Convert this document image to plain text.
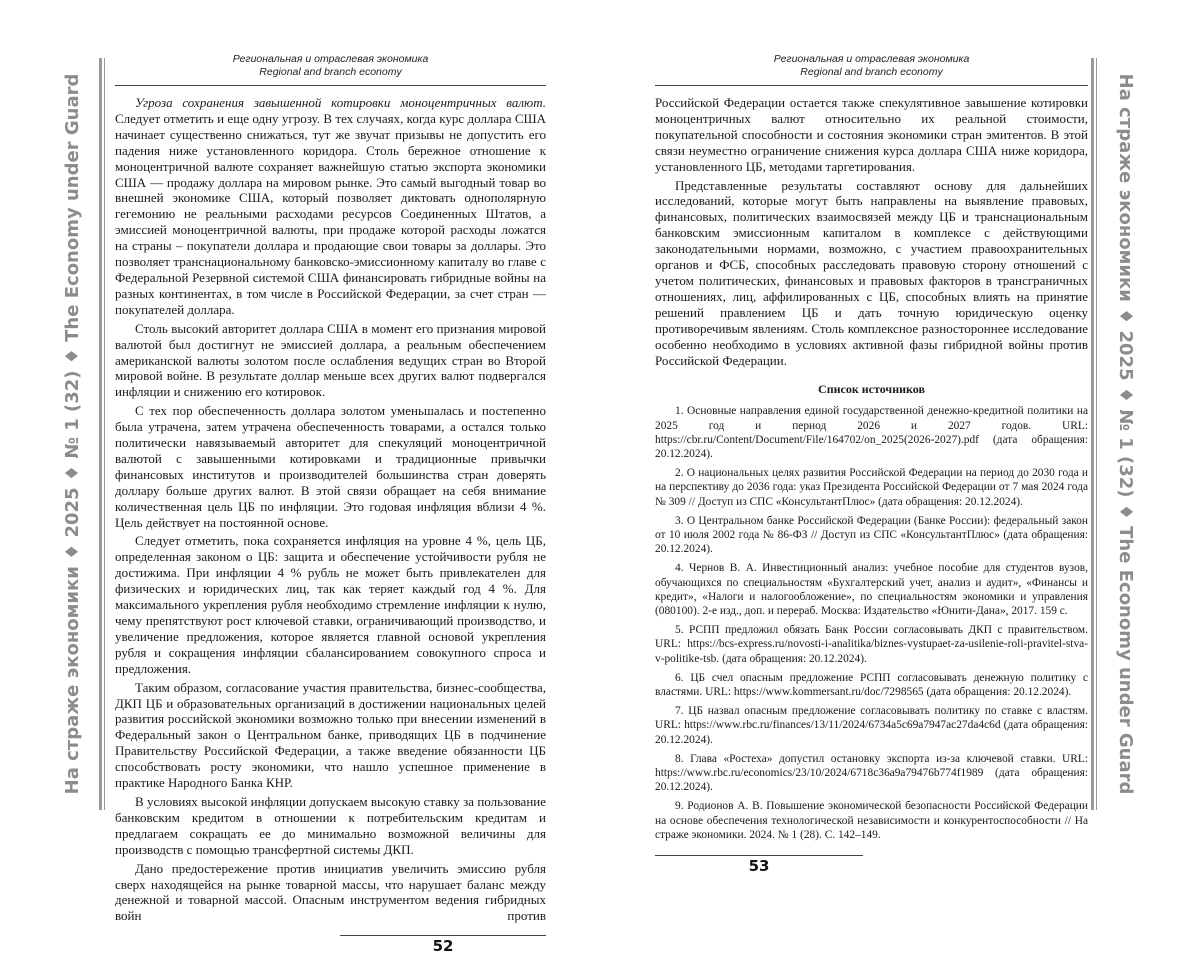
На страже экономики ♦ 2025 ♦ № 1 (32) ♦ The Economy under Guard	На страже экономики ♦ 2025 ♦ № 1 (32) ♦ The Economy under Guard
Региональная и отраслевая экономика
Regional and branch economy

Угроза сохранения завышенной котировки моноцентричных валют. Следует отметить и еще одну угрозу. В тех случаях, когда курс доллара США начинает существенно снижаться, тут же звучат призывы не допустить его падения ниже установленного коридора. Столь бережное отношение к моноцентричной валюте сохраняет важнейшую статью экспорта экономики США — продажу доллара на мировом рынке. Это самый выгодный товар во внешней экономике США, который позволяет диктовать однополярную гегемонию не реальными расходами ресурсов Соединенных Штатов, а эмиссией моноцентричной валюты, при продаже которой расходы ложатся на страны – покупатели доллара и продающие свои товары за доллары. Это позволяет транснациональному банковско-эмиссионному капиталу во главе с Федеральной Резервной системой США финансировать гибридные войны на разных континентах, в том числе в Российской Федерации, за счет стран — покупателей доллара.

Столь высокий авторитет доллара США в момент его признания мировой валютой был достигнут не эмиссией доллара, а реальным обеспечением американской валюты золотом после ослабления ведущих стран во Второй мировой войне. В результате доллар меньше всех других валют подвергался инфляции и снижению его котировок.

С тех пор обеспеченность доллара золотом уменьшалась и постепенно была утрачена, затем утрачена обеспеченность товарами, а остался только политически навязываемый авторитет для спекуляций моноцентричной валютой с завышенными котировками и традиционные привычки финансовых институтов и производителей большинства стран доверять доллару больше других валют. В этой связи обращает на себя внимание количественная цель ЦБ по инфляции. Это годовая инфляция вблизи 4 %. Цель действует на постоянной основе.

Следует отметить, пока сохраняется инфляция на уровне 4 %, цель ЦБ, определенная законом о ЦБ: защита и обеспечение устойчивости рубля не достижима. При инфляции 4 % рубль не может быть привлекателен для физических и юридических лиц, так как теряет каждый год 4 %. Для максимального укрепления рубля необходимо стремление инфляции к нулю, чему препятствуют рост ключевой ставки, ограничивающий производство, и увеличение предложения, которое является главной основой укрепления рубля и сокращения инфляции сбалансированием совокупного спроса и предложения.

Таким образом, согласование участия правительства, бизнес-сообщества, ДКП ЦБ и образовательных организаций в достижении национальных целей развития российской экономики возможно только при внесении изменений в Федеральный закон о Центральном банке, приводящих ЦБ в подчинение Правительству Российской Федерации, а также введение обязанности ЦБ способствовать росту экономики, что нашло успешное применение в практике Народного Банка КНР.

В условиях высокой инфляции допускаем высокую ставку за пользование банковским кредитом в отношении к потребительским кредитам и предлагаем сокращать ее до минимально возможной величины для производств с помощью трансфертной системы ДКП.

Дано предостережение против инициатив увеличить эмиссию рубля сверх находящейся на рынке товарной массы, что нарушает баланс между денежной и товарной массой. Опасным инструментом ведения гибридных войн против

52
Региональная и отраслевая экономика
Regional and branch economy

Российской Федерации остается также спекулятивное завышение котировки моноцентричных валют относительно их реальной стоимости, покупательной способности и состояния экономики стран эмитентов. В этой связи неуместно ограничение снижения курса доллара США ниже коридора, установленного ЦБ, методами таргетирования.

Представленные результаты составляют основу для дальнейших исследований, которые могут быть направлены на выявление правовых, финансовых, политических взаимосвязей между ЦБ и транснациональным банковским эмиссионным капиталом в комплексе с действующими законодательными нормами, возможно, с участием правоохранительных органов и ФСБ, способных расследовать правовую сторону отношений с учетом политических, финансовых и правовых факторов в трансграничных отношениях, лиц, аффилированных с ЦБ, способных влиять на принятие решений правлением ЦБ и дать точную юридическую оценку противоречивым явлениям. Столь комплексное разностороннее исследование особенно необходимо в условиях активной фазы гибридной войны против Российской Федерации.

Список источников

1. Основные направления единой государственной денежно-кредитной политики на 2025 год и период 2026 и 2027 годов. URL: https://cbr.ru/Content/Document/File/164702/on_2025(2026-2027).pdf (дата обращения: 20.12.2024).

2. О национальных целях развития Российской Федерации на период до 2030 года и на перспективу до 2036 года: указ Президента Российской Федерации от 7 мая 2024 года № 309 // Доступ из СПС «КонсультантПлюс» (дата обращения: 20.12.2024).

3. О Центральном банке Российской Федерации (Банке России): федеральный закон от 10 июля 2002 года № 86-ФЗ // Доступ из СПС «КонсультантПлюс» (дата обращения: 20.12.2024).

4. Чернов В. А. Инвестиционный анализ: учебное пособие для студентов вузов, обучающихся по специальностям «Бухгалтерский учет, анализ и аудит», «Финансы и кредит», «Налоги и налогообложение», по специальностям экономики и управления (080100). 2-е изд., доп. и перераб. Москва: Издательство «Юнити-Дана», 2017. 159 с.

5. РСПП предложил обязать Банк России согласовывать ДКП с правительством. URL: https://bcs-express.ru/novosti-i-analitika/biznes-vystupaet-za-usilenie-roli-pravitel-stva-v-politike-tsb. (дата обращения: 20.12.2024).

6. ЦБ счел опасным предложение РСПП согласовывать денежную политику с властями. URL: https://www.kommersant.ru/doc/7298565 (дата обращения: 20.12.2024).

7. ЦБ назвал опасным предложение согласовывать политику по ставке с властям. URL: https://www.rbc.ru/finances/13/11/2024/6734a5c69a7947ac27da4c6d (дата обращения: 20.12.2024).

8. Глава «Ростеха» допустил остановку экспорта из-за ключевой ставки. URL: https://www.rbc.ru/economics/23/10/2024/6718c36a9a79476b774f1989 (дата обращения: 20.12.2024).

9. Родионов А. В. Повышение экономической безопасности Российской Федерации на основе обеспечения технологической независимости и конкурентоспособности // На страже экономики. 2024. № 1 (28). С. 142–149.

53
